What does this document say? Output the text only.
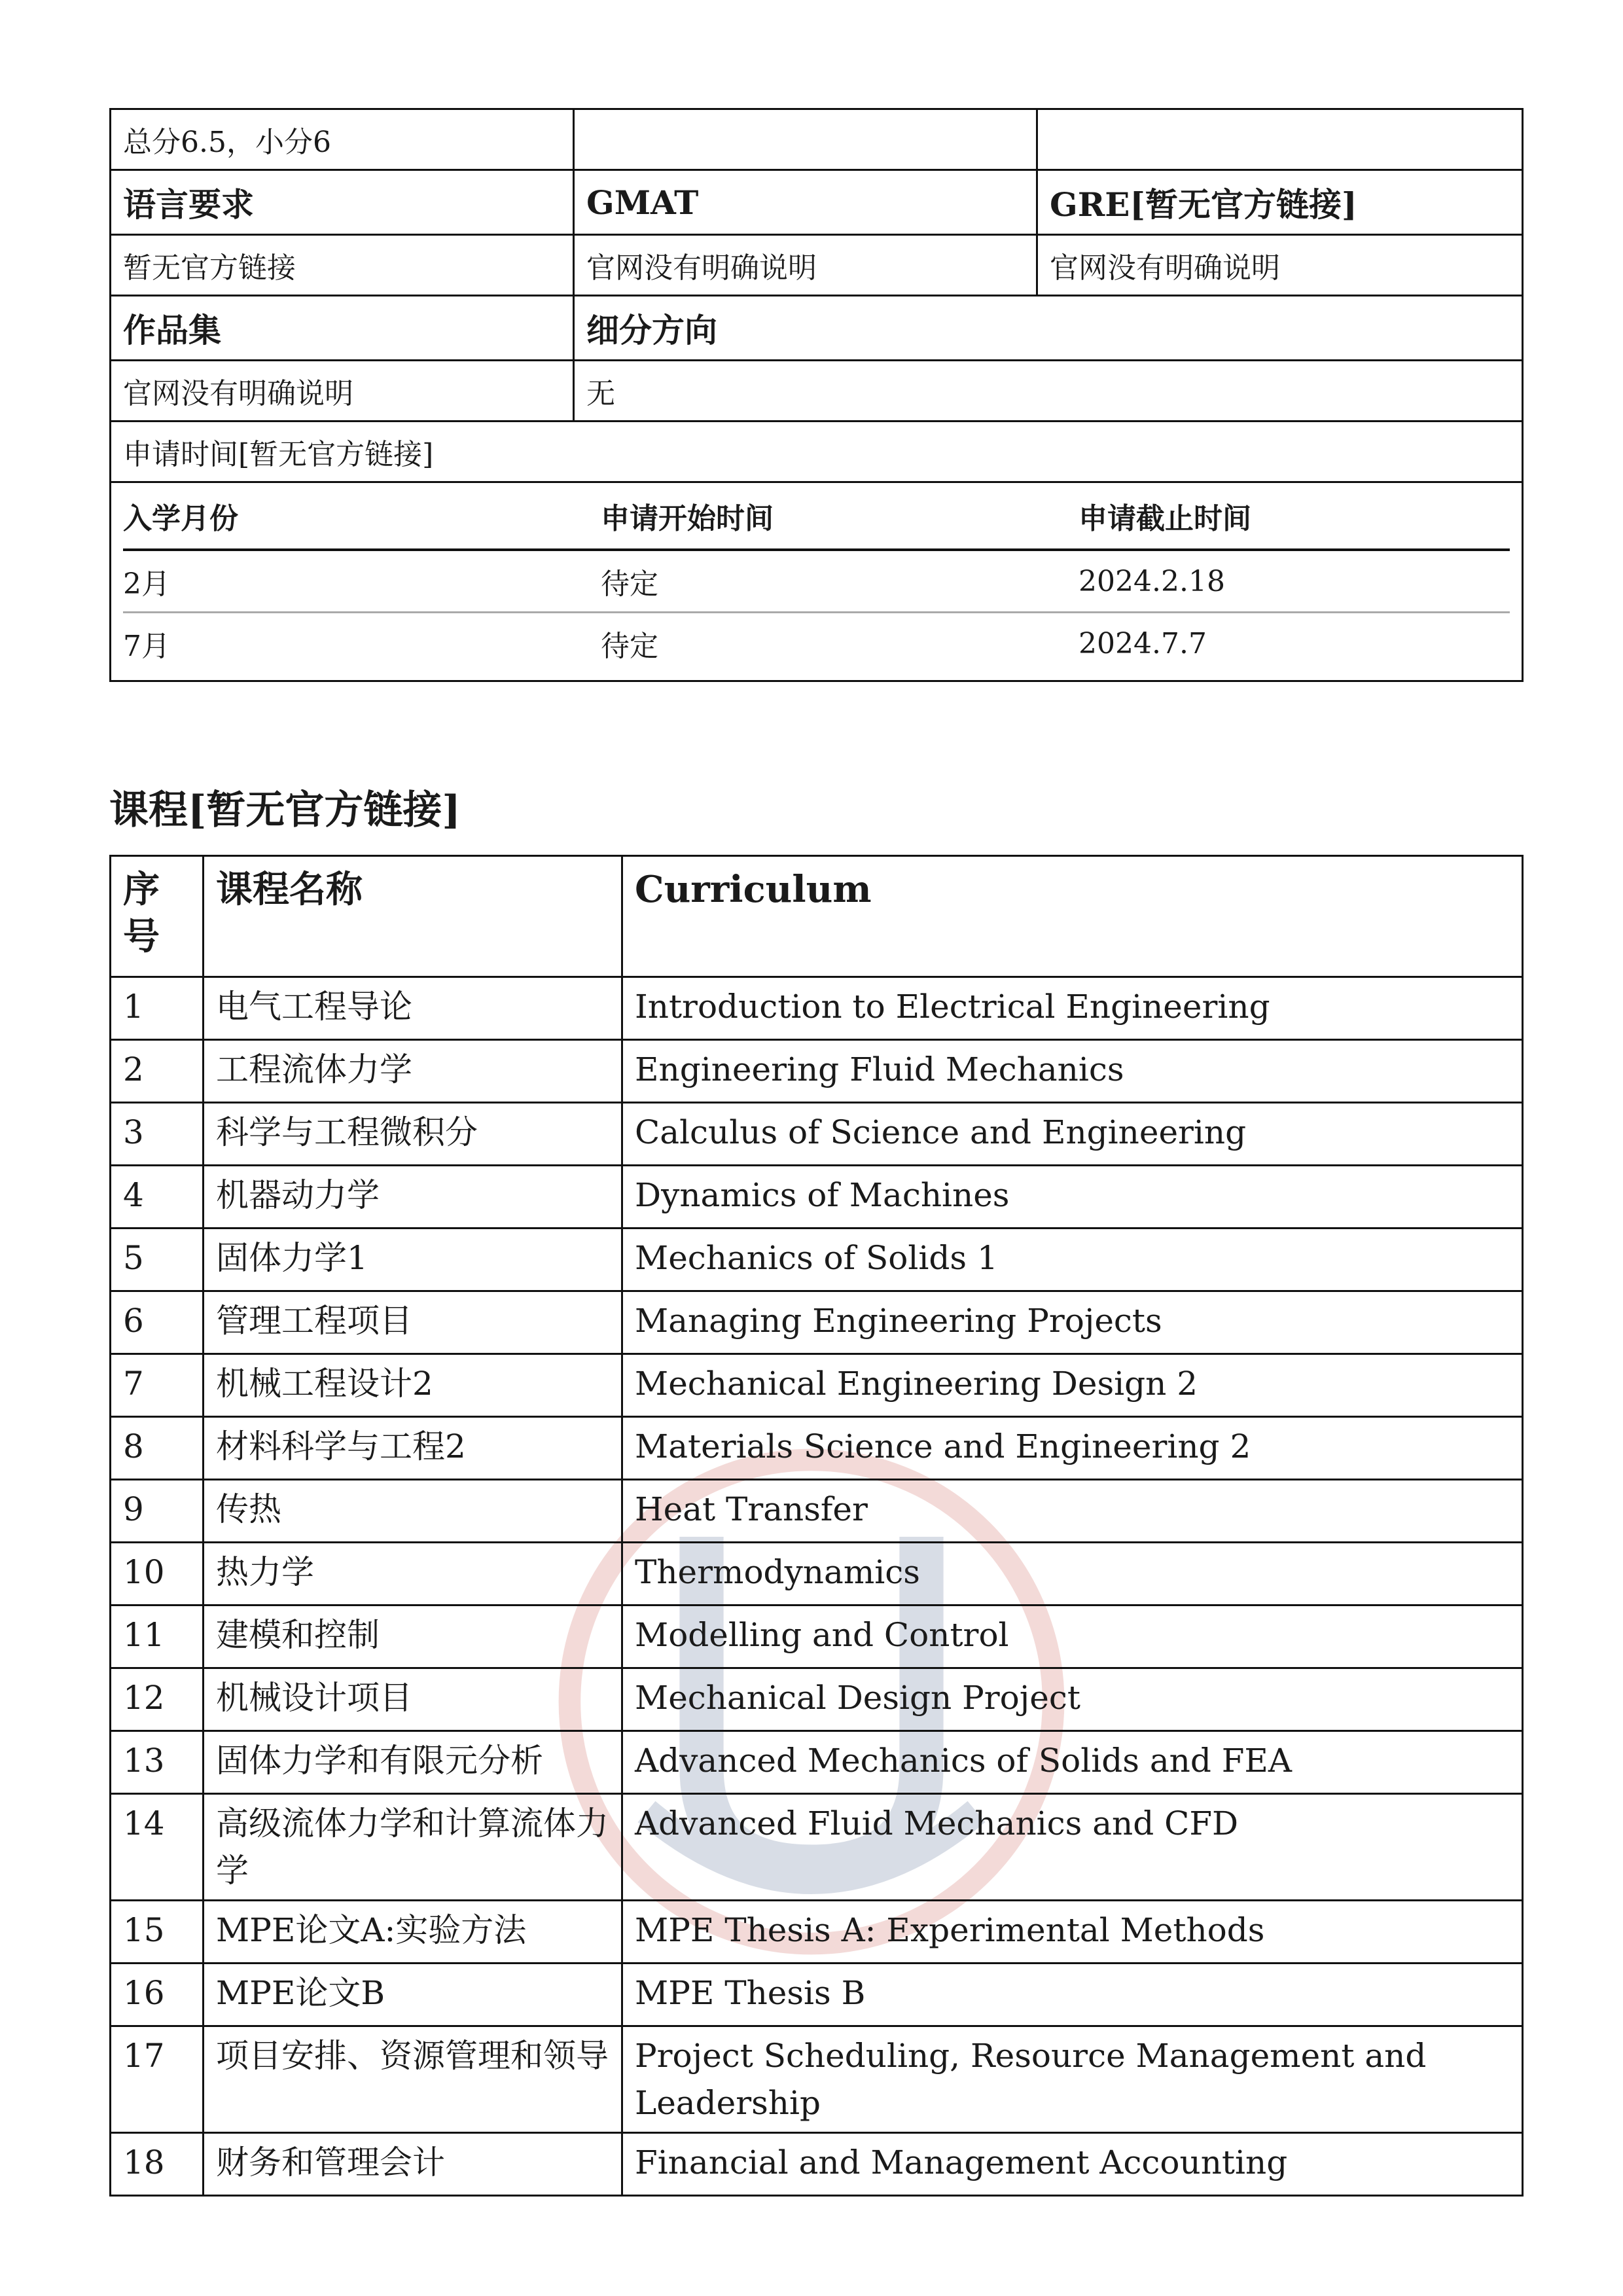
总分6.5，小分6		
语言要求	GMAT	GRE[暂无官方链接]
暂无官方链接	官网没有明确说明	官网没有明确说明
作品集	细分方向
官网没有明确说明	无
申请时间[暂无官方链接]

入学月份	申请开始时间	申请截止时间
2月	待定	2024.2.18
7月	待定	2024.7.7
课程[暂无官方链接]
序号	课程名称	Curriculum
1	电气工程导论	Introduction to Electrical Engineering
2	工程流体力学	Engineering Fluid Mechanics
3	科学与工程微积分	Calculus of Science and Engineering
4	机器动力学	Dynamics of Machines
5	固体力学1	Mechanics of Solids 1
6	管理工程项目	Managing Engineering Projects
7	机械工程设计2	Mechanical Engineering Design 2
8	材料科学与工程2	Materials Science and Engineering 2
9	传热	Heat Transfer
10	热力学	Thermodynamics
11	建模和控制	Modelling and Control
12	机械设计项目	Mechanical Design Project
13	固体力学和有限元分析	Advanced Mechanics of Solids and FEA
14	高级流体力学和计算流体力学	Advanced Fluid Mechanics and CFD
15	MPE论文A:实验方法	MPE Thesis A: Experimental Methods
16	MPE论文B	MPE Thesis B
17	项目安排、资源管理和领导	Project Scheduling, Resource Management and Leadership
18	财务和管理会计	Financial and Management Accounting
